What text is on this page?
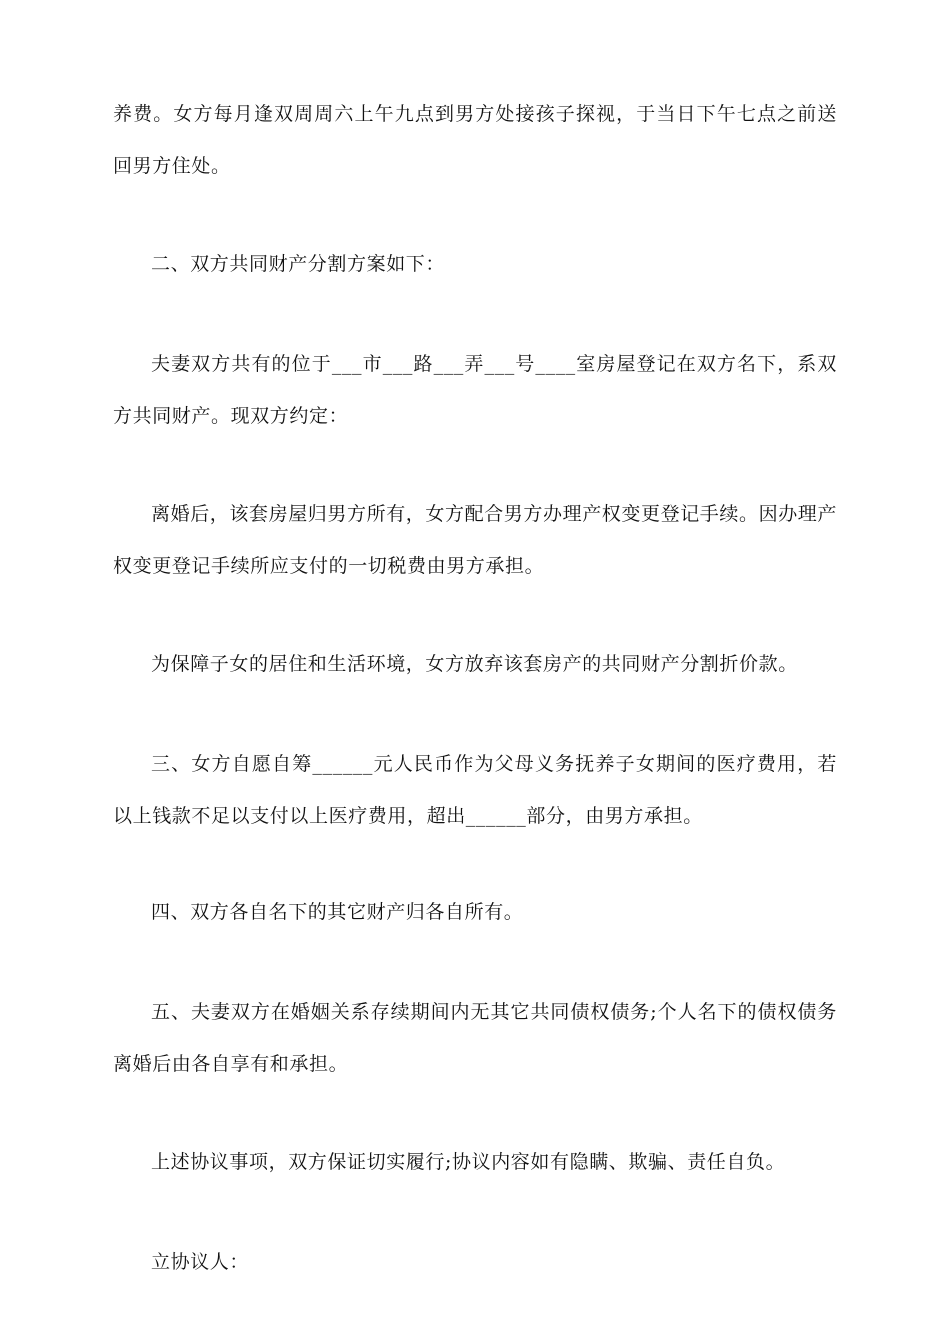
养费。女方每月逢双周周六上午九点到男方处接孩子探视，于当日下午七点之前送回男方住处。

二、双方共同财产分割方案如下：

夫妻双方共有的位于___市___路___弄___号____室房屋登记在双方名下，系双方共同财产。现双方约定：

离婚后，该套房屋归男方所有，女方配合男方办理产权变更登记手续。因办理产权变更登记手续所应支付的一切税费由男方承担。

为保障子女的居住和生活环境，女方放弃该套房产的共同财产分割折价款。

三、女方自愿自筹______元人民币作为父母义务抚养子女期间的医疗费用，若以上钱款不足以支付以上医疗费用，超出______部分，由男方承担。

四、双方各自名下的其它财产归各自所有。

五、夫妻双方在婚姻关系存续期间内无其它共同债权债务;个人名下的债权债务离婚后由各自享有和承担。

上述协议事项，双方保证切实履行;协议内容如有隐瞒、欺骗、责任自负。

立协议人：
